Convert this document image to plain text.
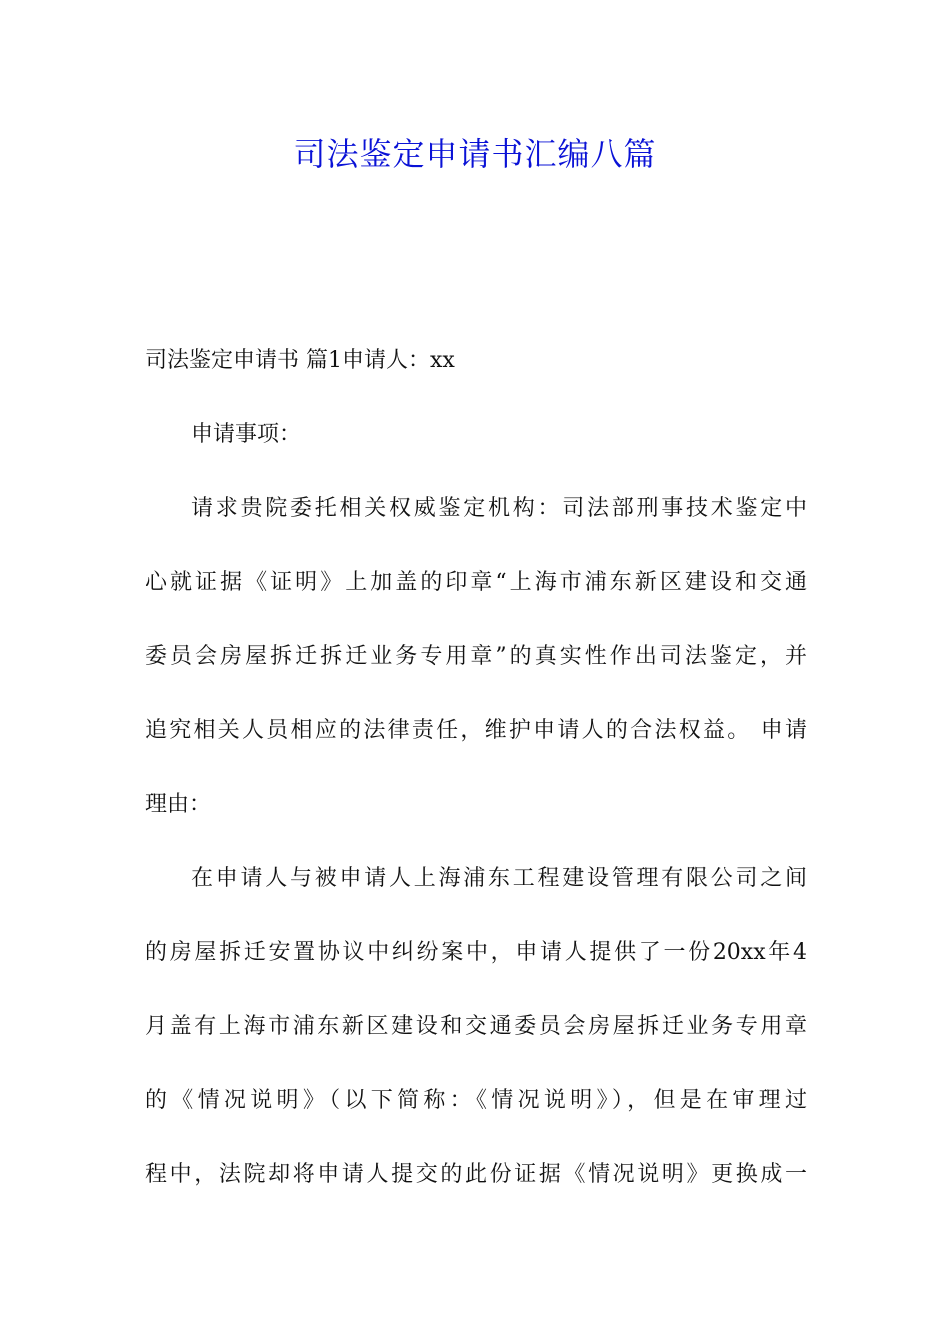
司法鉴定申请书汇编八篇
司法鉴定申请书 篇1申请人：xx
申请事项：
请求贵院委托相关权威鉴定机构：司法部刑事技术鉴定中
心就证据《证明》上加盖的印章“上海市浦东新区建设和交通
委员会房屋拆迁拆迁业务专用章”的真实性作出司法鉴定，并
追究相关人员相应的法律责任，维护申请人的合法权益。 申请
理由：
在申请人与被申请人上海浦东工程建设管理有限公司之间
的房屋拆迁安置协议中纠纷案中，申请人提供了一份20xx年4
月盖有上海市浦东新区建设和交通委员会房屋拆迁业务专用章
的《情况说明》（以下简称：《情况说明》），但是在审理过
程中，法院却将申请人提交的此份证据《情况说明》更换成一
